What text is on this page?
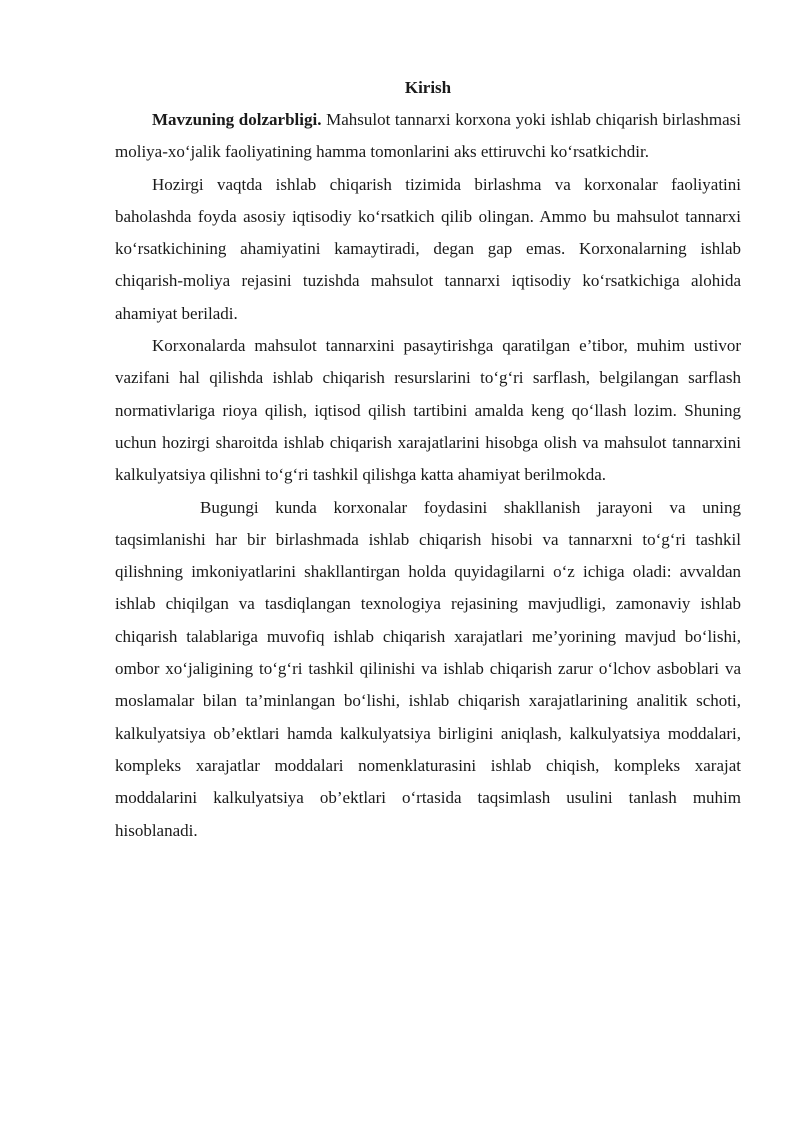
Kirish

Mavzuning dolzarbligi. Mahsulot tannarxi korxona yoki ishlab chiqarish birlashmasi moliya-xo‘jalik faoliyatining hamma tomonlarini aks ettiruvchi ko‘rsatkichdir.

Hozirgi vaqtda ishlab chiqarish tizimida birlashma va korxonalar faoliyatini baholashda foyda asosiy iqtisodiy ko‘rsatkich qilib olingan. Ammo bu mahsulot tannarxi ko‘rsatkichining ahamiyatini kamaytiradi, degan gap emas. Korxonalarning ishlab chiqarish-moliya rejasini tuzishda mahsulot tannarxi iqtisodiy ko‘rsatkichiga alohida ahamiyat beriladi.

Korxonalarda mahsulot tannarxini pasaytirishga qaratilgan e’tibor, muhim ustivor vazifani hal qilishda ishlab chiqarish resurslarini to‘g‘ri sarflash, belgilangan sarflash normativlariga rioya qilish, iqtisod qilish tartibini amalda keng qo‘llash lozim. Shuning uchun hozirgi sharoitda ishlab chiqarish xarajatlarini hisobga olish va mahsulot tannarxini kalkulyatsiya qilishni to‘g‘ri tashkil qilishga katta ahamiyat berilmokda.

Bugungi kunda korxonalar foydasini shakllanish jarayoni va uning taqsimlanishi har bir birlashmada ishlab chiqarish hisobi va tannarxni to‘g‘ri tashkil qilishning imkoniyatlarini shakllantirgan holda quyidagilarni o‘z ichiga oladi: avvaldan ishlab chiqilgan va tasdiqlangan texnologiya rejasining mavjudligi, zamonaviy ishlab chiqarish talablariga muvofiq ishlab chiqarish xarajatlari me’yorining mavjud bo‘lishi, ombor xo‘jaligining to‘g‘ri tashkil qilinishi va ishlab chiqarish zarur o‘lchov asboblari va moslamalar bilan ta’minlangan bo‘lishi, ishlab chiqarish xarajatlarining analitik schoti, kalkulyatsiya ob’ektlari hamda kalkulyatsiya birligini aniqlash, kalkulyatsiya moddalari, kompleks xarajatlar moddalari nomenklaturasini ishlab chiqish, kompleks xarajat moddalarini kalkulyatsiya ob’ektlari o‘rtasida taqsimlash usulini tanlash muhim hisoblanadi.
